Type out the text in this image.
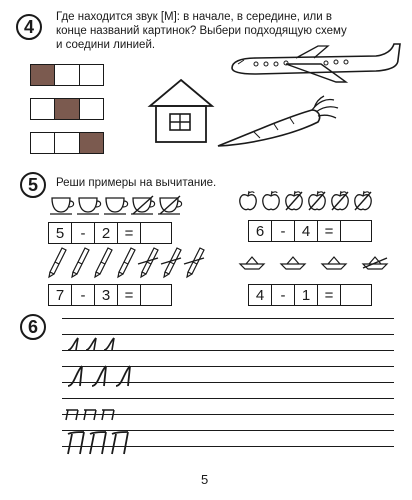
4	Где находится звук [М]: в начале, в середине, или в
конце названий картинок? Выбери подходящую схему
и соедини линией.
5	Реши примеры на вычитание.
5	-	2 =	6	-	4 =
7	-	3 =	4	-	1 =
6
5
